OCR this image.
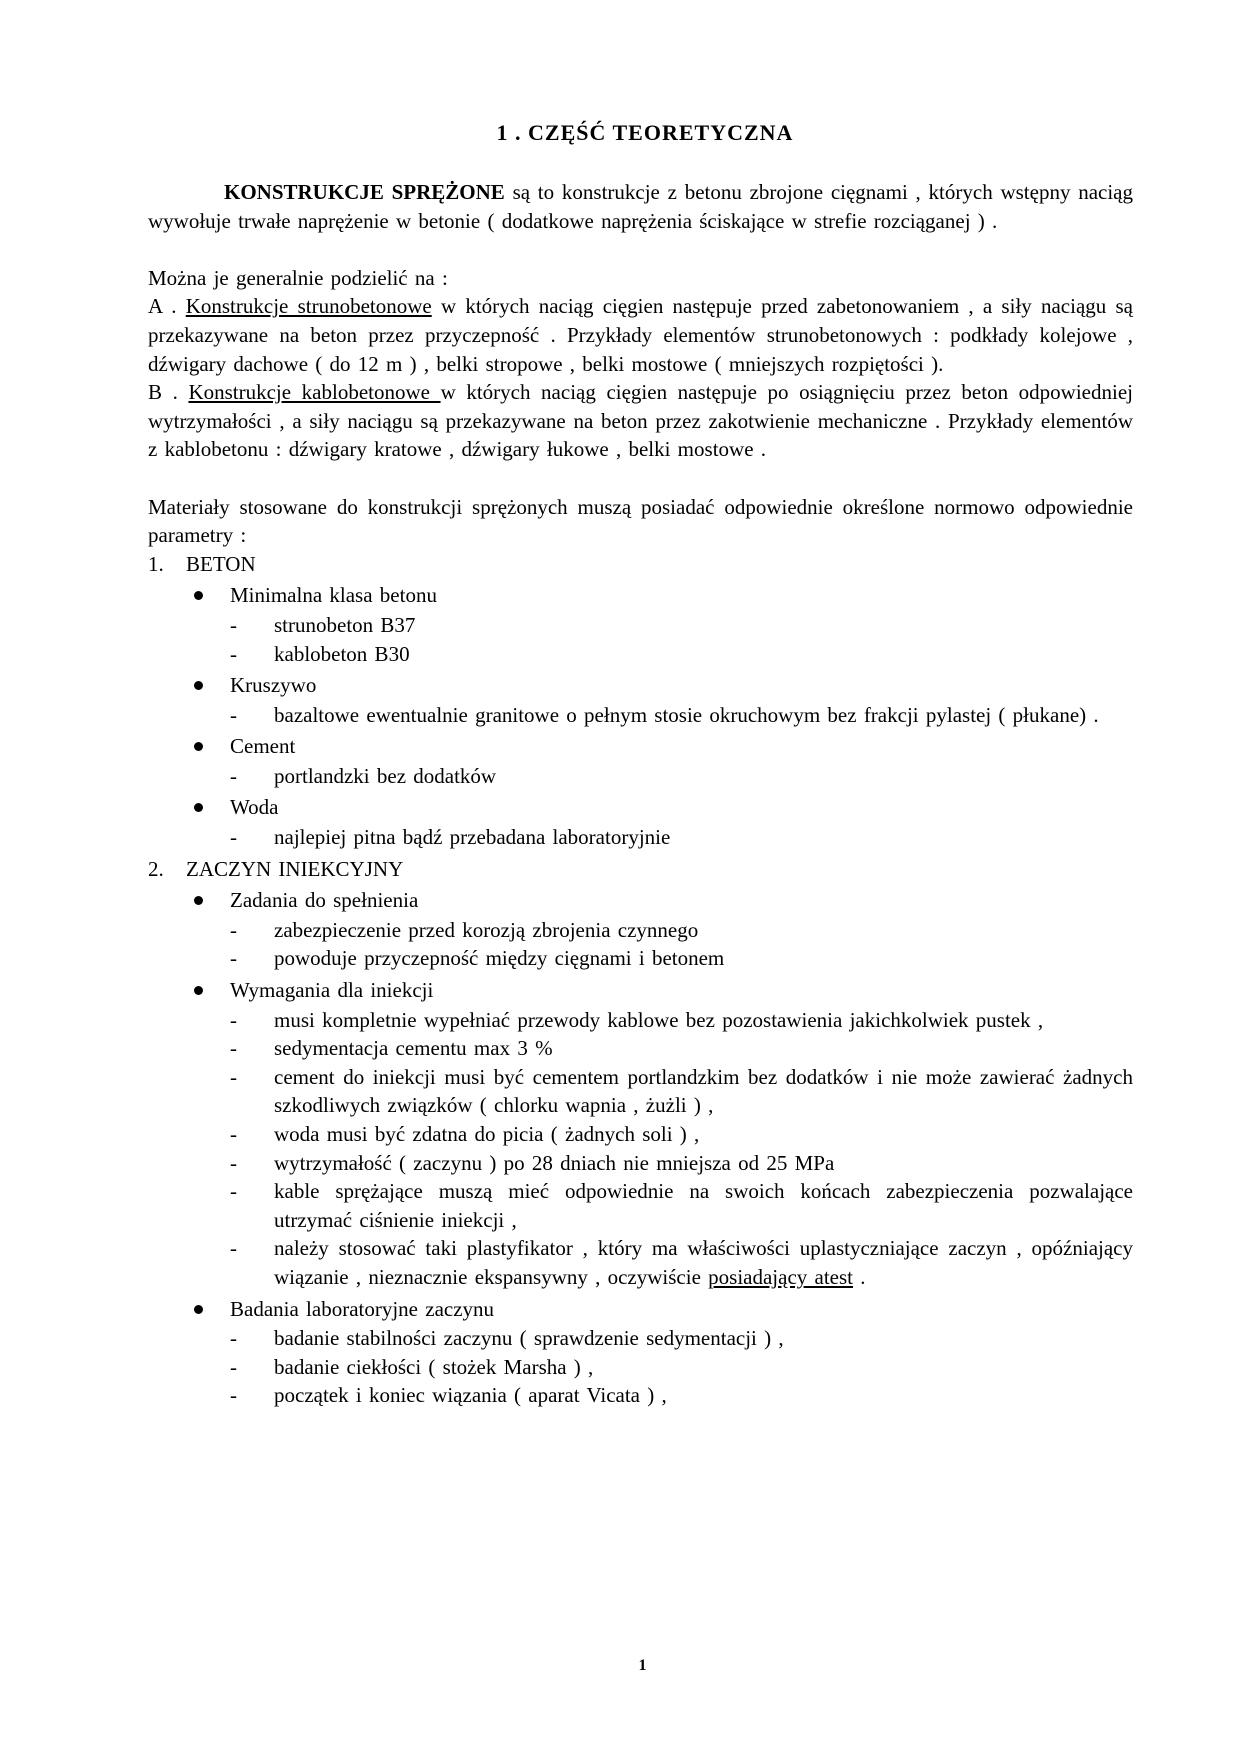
1 . CZĘŚĆ TEORETYCZNA

KONSTRUKCJE SPRĘŻONE są to konstrukcje z betonu zbrojone cięgnami , których wstępny naciąg wywołuje trwałe naprężenie w betonie ( dodatkowe naprężenia ściskające w strefie rozciąganej ) .

Można je generalnie podzielić na :

A . Konstrukcje strunobetonowe w których naciąg cięgien następuje przed zabetonowaniem , a siły naciągu są przekazywane na beton przez przyczepność . Przykłady elementów strunobetonowych : podkłady kolejowe , dźwigary dachowe ( do 12 m ) , belki stropowe , belki mostowe ( mniejszych rozpiętości ).

B . Konstrukcje kablobetonowe w których naciąg cięgien następuje po osiągnięciu przez beton odpowiedniej wytrzymałości , a siły naciągu są przekazywane na beton przez zakotwienie mechaniczne . Przykłady elementów z kablobetonu : dźwigary kratowe , dźwigary łukowe , belki mostowe .

Materiały stosowane do konstrukcji sprężonych muszą posiadać odpowiednie określone normowo odpowiednie parametry :

1. BETON
Minimalna klasa betonu
- strunobeton B37
- kablobeton B30
Kruszywo
- bazaltowe ewentualnie granitowe o pełnym stosie okruchowym bez frakcji pylastej ( płukane) .
Cement
- portlandzki bez dodatków
Woda
- najlepiej pitna bądź przebadana laboratoryjnie
2. ZACZYN INIEKCYJNY
Zadania do spełnienia
- zabezpieczenie przed korozją zbrojenia czynnego
- powoduje przyczepność między cięgnami i betonem
Wymagania dla iniekcji
- musi kompletnie wypełniać przewody kablowe bez pozostawienia jakichkolwiek pustek ,
- sedymentacja cementu max 3 %
- cement do iniekcji musi być cementem portlandzkim bez dodatków i nie może zawierać żadnych szkodliwych związków ( chlorku wapnia , żużli ) ,
- woda musi być zdatna do picia ( żadnych soli ) ,
- wytrzymałość ( zaczynu ) po 28 dniach nie mniejsza od 25 MPa
- kable sprężające muszą mieć odpowiednie na swoich końcach zabezpieczenia pozwalające utrzymać ciśnienie iniekcji ,
- należy stosować taki plastyfikator , który ma właściwości uplastyczniające zaczyn , opóźniający wiązanie , nieznacznie ekspansywny , oczywiście posiadający atest .
Badania laboratoryjne zaczynu
- badanie stabilności zaczynu ( sprawdzenie sedymentacji ) ,
- badanie ciekłości ( stożek Marsha ) ,
- początek i koniec wiązania ( aparat Vicata ) ,
1
